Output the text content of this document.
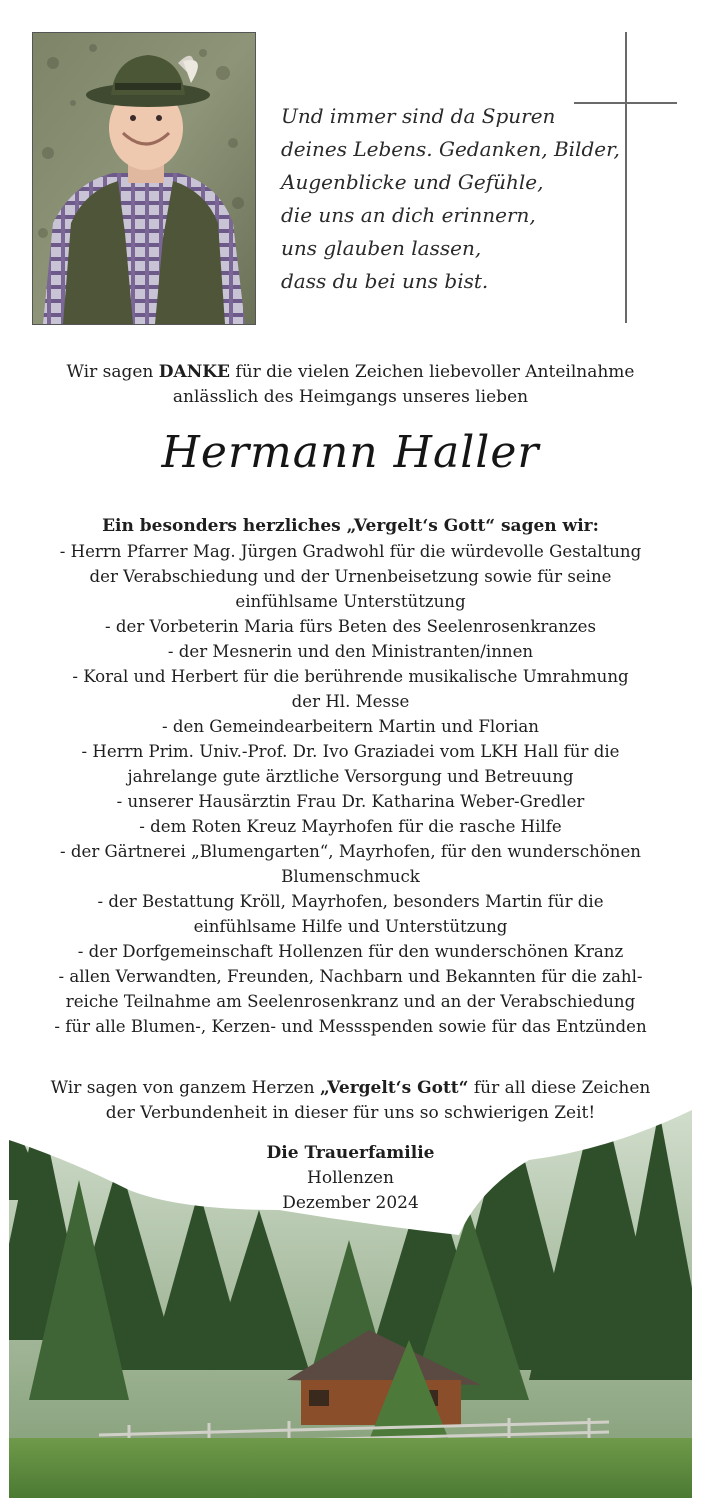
Und immer sind da Spuren
deines Lebens. Gedanken, Bilder,
Augenblicke und Gefühle,
die uns an dich erinnern,
uns glauben lassen,
dass du bei uns bist.
Wir sagen DANKE für die vielen Zeichen liebevoller Anteilnahme
anlässlich des Heimgangs unseres lieben
Hermann Haller
Ein besonders herzliches „Vergelt‘s Gott“ sagen wir:
- Herrn Pfarrer Mag. Jürgen Gradwohl für die würdevolle Gestaltung
der Verabschiedung und der Urnenbeisetzung sowie für seine
einfühlsame Unterstützung
- der Vorbeterin Maria fürs Beten des Seelenrosenkranzes
- der Mesnerin und den Ministranten/innen
- Koral und Herbert für die berührende musikalische Umrahmung
der Hl. Messe
- den Gemeindearbeitern Martin und Florian
- Herrn Prim. Univ.-Prof. Dr. Ivo Graziadei vom LKH Hall für die
jahrelange gute ärztliche Versorgung und Betreuung
- unserer Hausärztin Frau Dr. Katharina Weber-Gredler
- dem Roten Kreuz Mayrhofen für die rasche Hilfe
- der Gärtnerei „Blumengarten“, Mayrhofen, für den wunderschönen
Blumenschmuck
- der Bestattung Kröll, Mayrhofen, besonders Martin für die
einfühlsame Hilfe und Unterstützung
- der Dorfgemeinschaft Hollenzen für den wunderschönen Kranz
- allen Verwandten, Freunden, Nachbarn und Bekannten für die zahl-
reiche Teilnahme am Seelenrosenkranz und an der Verabschiedung
- für alle Blumen-, Kerzen- und Messspenden sowie für das Entzünden
Wir sagen von ganzem Herzen „Vergelt‘s Gott“ für all diese Zeichen
der Verbundenheit in dieser für uns so schwierigen Zeit!
Die Trauerfamilie
Hollenzen
Dezember 2024
